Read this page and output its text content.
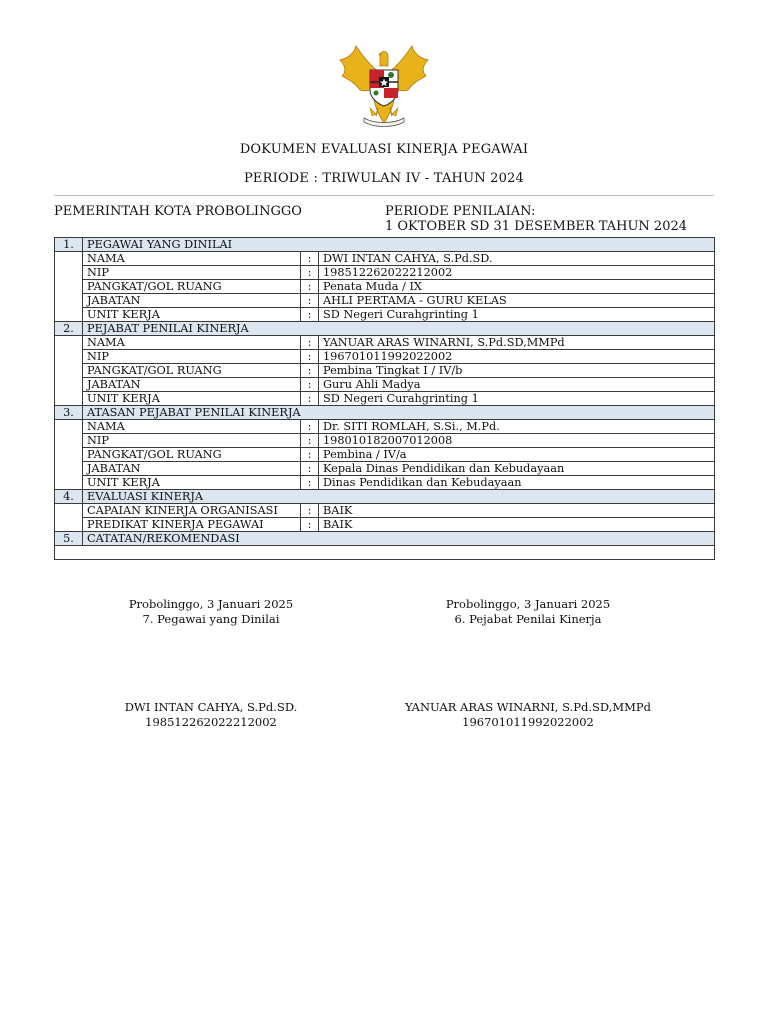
DOKUMEN EVALUASI KINERJA PEGAWAI
PERIODE : TRIWULAN IV - TAHUN 2024
PEMERINTAH KOTA PROBOLINGGO	PERIODE PENILAIAN:
1 OKTOBER SD 31 DESEMBER TAHUN 2024
1.	PEGAWAI YANG DINILAI		
	NAMA	:	DWI INTAN CAHYA, S.Pd.SD.
	NIP	:	198512262022212002
	PANGKAT/GOL RUANG	:	Penata Muda / IX
	JABATAN	:	AHLI PERTAMA - GURU KELAS
	UNIT KERJA	:	SD Negeri Curahgrinting 1
2.	PEJABAT PENILAI KINERJA		
	NAMA	:	YANUAR ARAS WINARNI, S.Pd.SD,MMPd
	NIP	:	196701011992022002
	PANGKAT/GOL RUANG	:	Pembina Tingkat I / IV/b
	JABATAN	:	Guru Ahli Madya
	UNIT KERJA	:	SD Negeri Curahgrinting 1
3.	ATASAN PEJABAT PENILAI KINERJA		
	NAMA	:	Dr. SITI ROMLAH, S.Si., M.Pd.
	NIP	:	198010182007012008
	PANGKAT/GOL RUANG	:	Pembina / IV/a
	JABATAN	:	Kepala Dinas Pendidikan dan Kebudayaan
	UNIT KERJA	:	Dinas Pendidikan dan Kebudayaan
4.	EVALUASI KINERJA		
	CAPAIAN KINERJA ORGANISASI	:	BAIK
	PREDIKAT KINERJA PEGAWAI	:	BAIK
5.	CATATAN/REKOMENDASI		

Probolinggo, 3 Januari 2025
7. Pegawai yang Dinilai
Probolinggo, 3 Januari 2025
6. Pejabat Penilai Kinerja
DWI INTAN CAHYA, S.Pd.SD.
198512262022212002
YANUAR ARAS WINARNI, S.Pd.SD,MMPd
196701011992022002
